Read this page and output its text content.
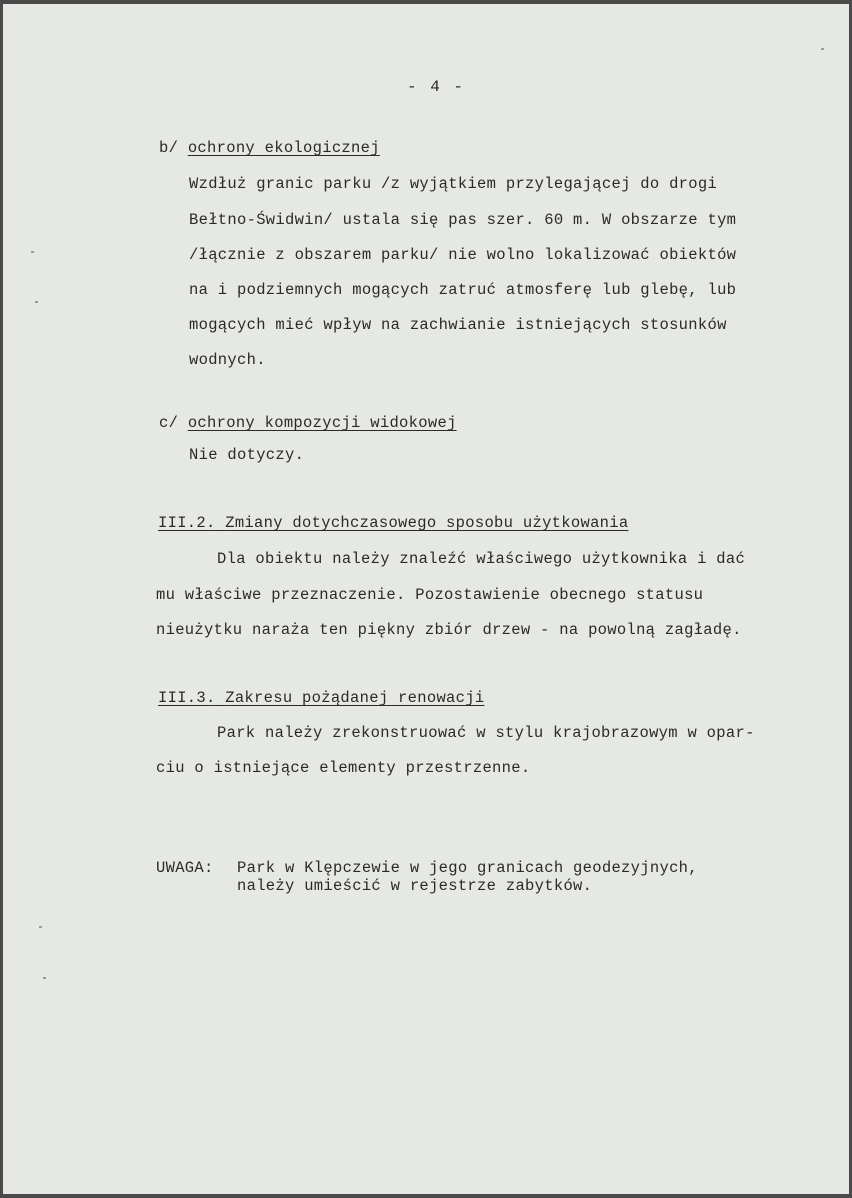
- 4 -
b/ ochrony ekologicznej
Wzdłuż granic parku /z wyjątkiem przylegającej do drogi
Bełtno-Świdwin/ ustala się pas szer. 60 m. W obszarze tym
/łącznie z obszarem parku/ nie wolno lokalizować obiektów
na i podziemnych mogących zatruć atmosferę lub glebę, lub
mogących mieć wpływ na zachwianie istniejących stosunków
wodnych.
c/ ochrony kompozycji widokowej
Nie dotyczy.
III.2. Zmiany dotychczasowego sposobu użytkowania
Dla obiektu należy znaleźć właściwego użytkownika i dać
mu właściwe przeznaczenie. Pozostawienie obecnego statusu
nieużytku naraża ten piękny zbiór drzew - na powolną zagładę.
III.3. Zakresu pożądanej renowacji
Park należy zrekonstruować w stylu krajobrazowym w opar-
ciu o istniejące elementy przestrzenne.
UWAGA: Park w Klępczewie w jego granicach geodezyjnych,
należy umieścić w rejestrze zabytków.
